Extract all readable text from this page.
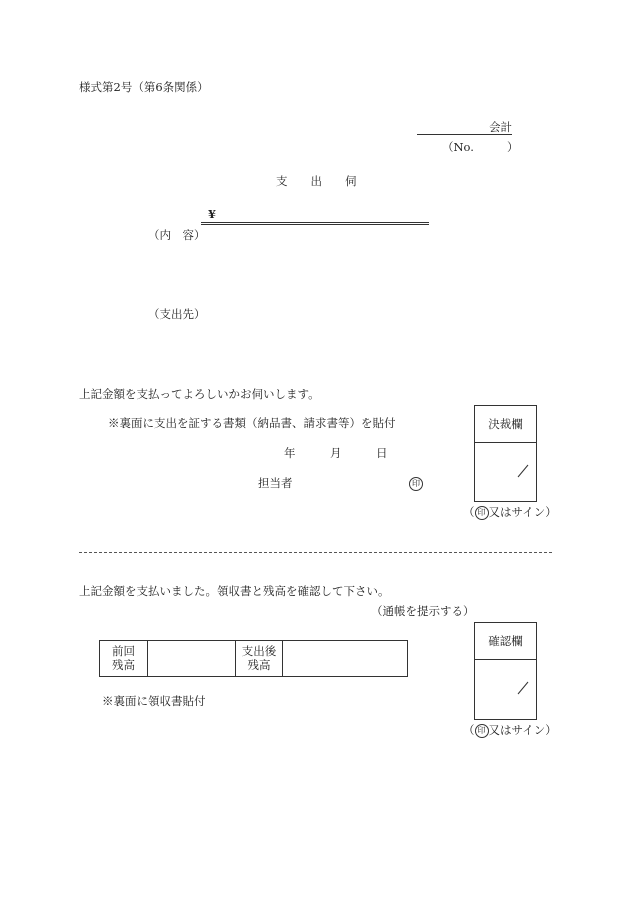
様式第2号（第6条関係）
会計
（No.	）
支　　出　　伺
¥
（内　容）
（支出先）
上記金額を支払ってよろしいかお伺いします。
※裏面に支出を証する書類（納品書、請求書等）を貼付
年　　　月　　　日
担当者	印
決裁欄
（ 印 又はサイン）
上記金額を支払いました。領収書と残高を確認して下さい。
（通帳を提示する）
前回
残高
支出後
残高
※裏面に領収書貼付
確認欄
（ 印 又はサイン）
